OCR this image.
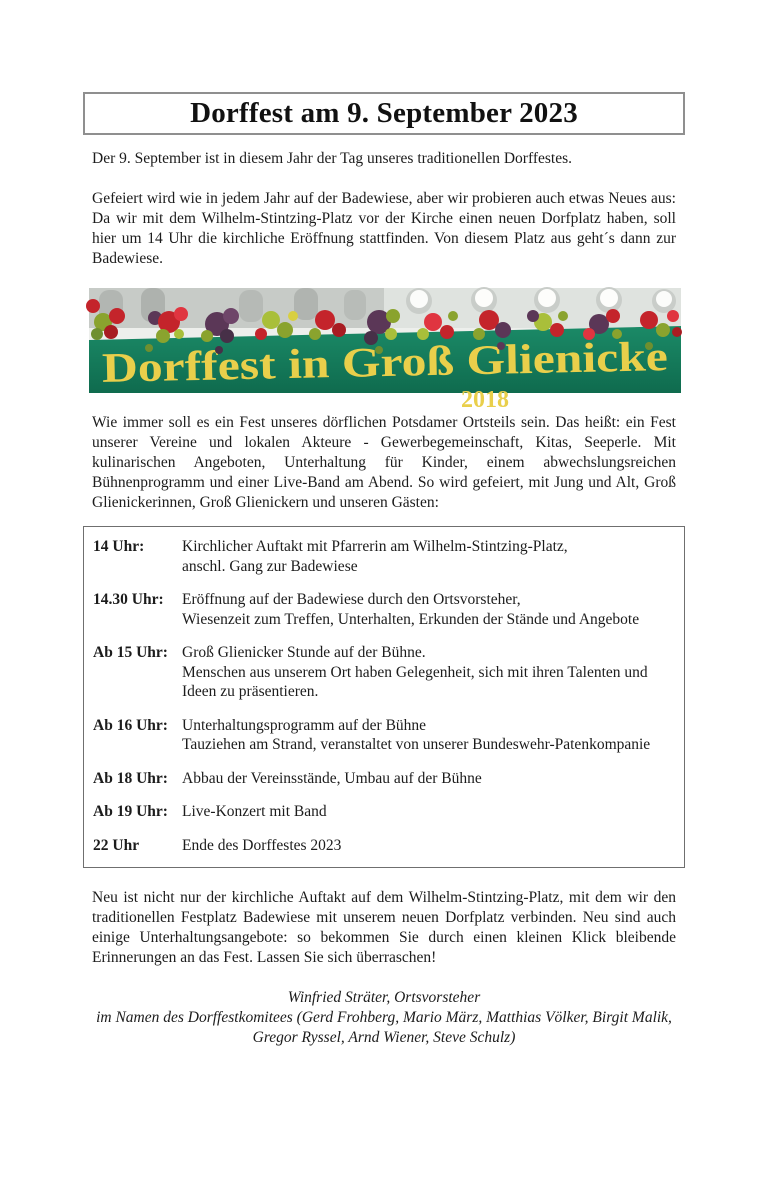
Dorffest am 9. September 2023

Der 9. September ist in diesem Jahr der Tag unseres traditionellen Dorffestes.

Gefeiert wird wie in jedem Jahr auf der Badewiese, aber wir probieren auch etwas Neues aus: Da wir mit dem Wilhelm-Stintzing-Platz vor der Kirche einen neuen Dorfplatz haben, soll hier um 14 Uhr die kirchliche Eröffnung stattfinden. Von diesem Platz aus geht´s dann zur Badewiese.

Dorffest in Groß Glienicke
2018

Wie immer soll es ein Fest unseres dörflichen Potsdamer Ortsteils sein. Das heißt: ein Fest unserer Vereine und lokalen Akteure - Gewerbegemeinschaft, Kitas, Seeperle. Mit kulinarischen Angeboten, Unterhaltung für Kinder, einem abwechslungsreichen Bühnenprogramm und einer Live-Band am Abend. So wird gefeiert, mit Jung und Alt, Groß Glienickerinnen, Groß Glienickern und unseren Gästen:

14 Uhr:	Kirchlicher Auftakt mit Pfarrerin am Wilhelm-Stintzing-Platz,
anschl. Gang zur Badewiese
14.30 Uhr:	Eröffnung auf der Badewiese durch den Ortsvorsteher,
Wiesenzeit zum Treffen, Unterhalten, Erkunden der Stände und Angebote
Ab 15 Uhr: Groß Glienicker Stunde auf der Bühne.
Menschen aus unserem Ort haben Gelegenheit, sich mit ihren Talenten und
Ideen zu präsentieren.
Ab 16 Uhr: Unterhaltungsprogramm auf der Bühne
Tauziehen am Strand, veranstaltet von unserer Bundeswehr-Patenkompanie
Ab 18 Uhr: Abbau der Vereinsstände, Umbau auf der Bühne
Ab 19 Uhr: Live-Konzert mit Band
22 Uhr	Ende des Dorffestes 2023

Neu ist nicht nur der kirchliche Auftakt auf dem Wilhelm-Stintzing-Platz, mit dem wir den traditionellen Festplatz Badewiese mit unserem neuen Dorfplatz verbinden. Neu sind auch einige Unterhaltungsangebote: so bekommen Sie durch einen kleinen Klick bleibende Erinnerungen an das Fest. Lassen Sie sich überraschen!

Winfried Sträter, Ortsvorsteher
im Namen des Dorffestkomitees (Gerd Frohberg, Mario März, Matthias Völker, Birgit Malik,
Gregor Ryssel, Arnd Wiener, Steve Schulz)
